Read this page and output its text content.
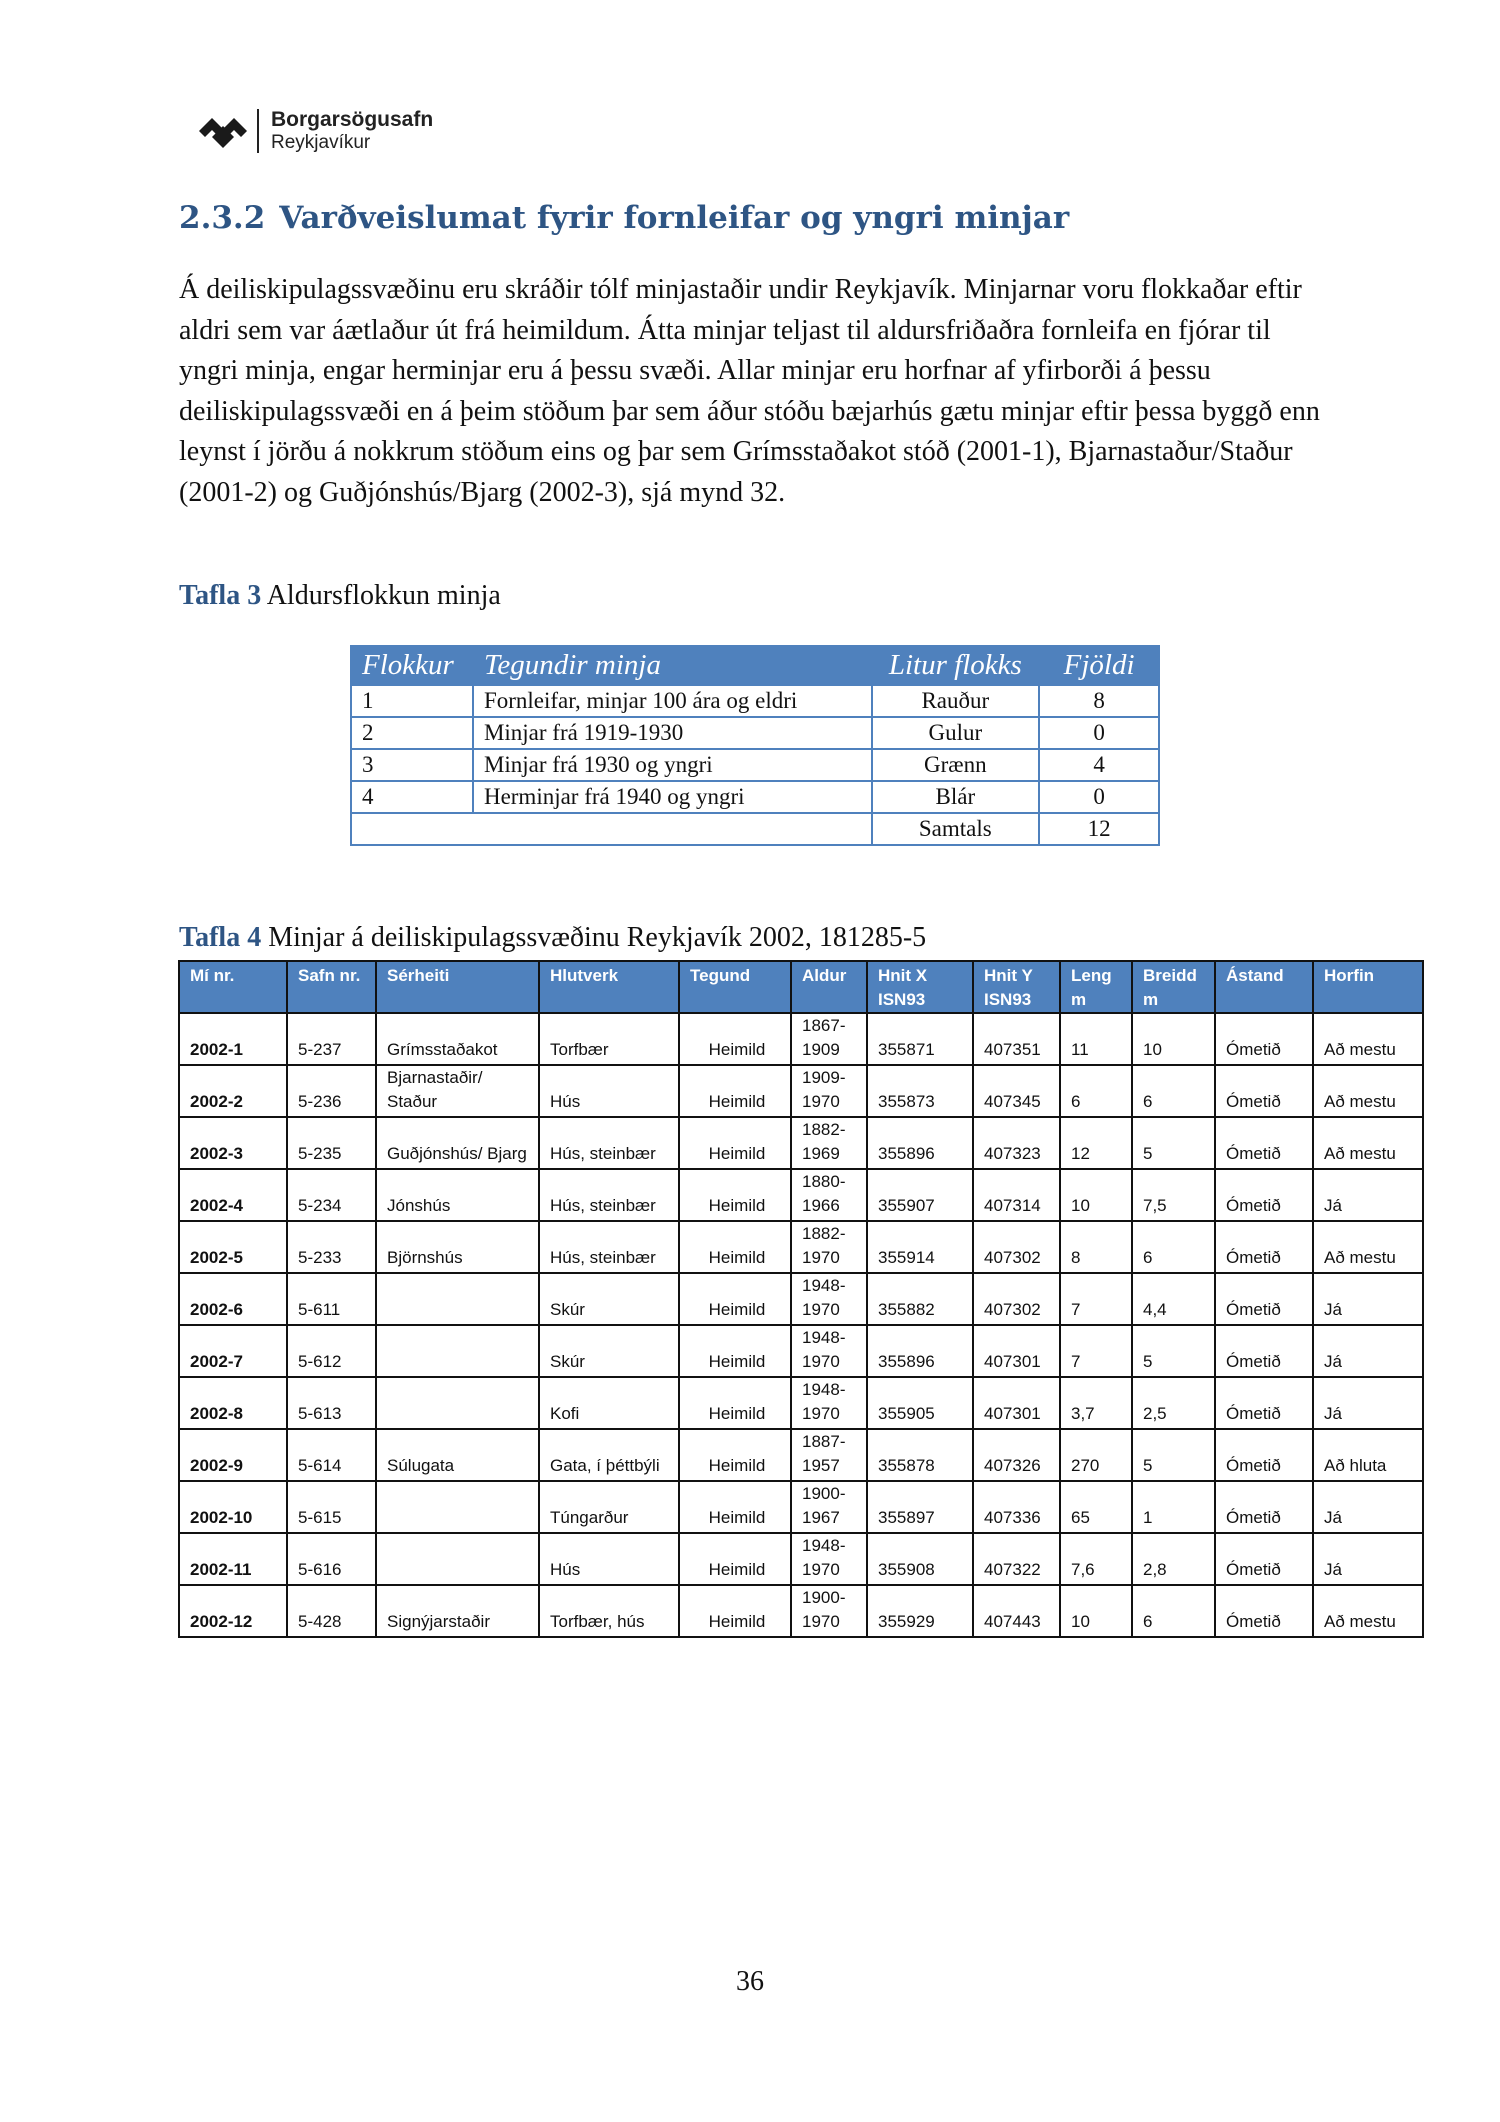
Borgarsögusafn
Reykjavíkur
2.3.2 Varðveislumat fyrir fornleifar og yngri minjar

Á deiliskipulagssvæðinu eru skráðir tólf minjastaðir undir Reykjavík. Minjarnar voru flokkaðar eftir aldri sem var áætlaður út frá heimildum. Átta minjar teljast til aldursfriðaðra fornleifa en fjórar til yngri minja, engar herminjar eru á þessu svæði. Allar minjar eru horfnar af yfirborði á þessu deiliskipulagssvæði en á þeim stöðum þar sem áður stóðu bæjarhús gætu minjar eftir þessa byggð enn leynst í jörðu á nokkrum stöðum eins og þar sem Grímsstaðakot stóð (2001-1), Bjarnastaður/Staður (2001-2) og Guðjónshús/Bjarg (2002-3), sjá mynd 32.

Tafla 3 Aldursflokkun minja

Flokkur	Tegundir minja	Litur flokks	Fjöldi
1	Fornleifar, minjar 100 ára og eldri	Rauður	8
2	Minjar frá 1919-1930	Gulur	0
3	Minjar frá 1930 og yngri	Grænn	4
4	Herminjar frá 1940 og yngri	Blár	0
		Samtals	12

Tafla 4 Minjar á deiliskipulagssvæðinu Reykjavík 2002, 181285-5

Mí nr.	Safn nr.	Sérheiti	Hlutverk	Tegund	Aldur	Hnit X ISN93	Hnit Y ISN93	Leng m	Breidd m	Ástand	Horfin
2002-1	5-237	Grímsstaðakot	Torfbær	Heimild	1867-1909	355871	407351	11	10	Ómetið	Að mestu
2002-2	5-236	Bjarnastaðir/ Staður	Hús	Heimild	1909-1970	355873	407345	6	6	Ómetið	Að mestu
2002-3	5-235	Guðjónshús/ Bjarg	Hús, steinbær	Heimild	1882-1969	355896	407323	12	5	Ómetið	Að mestu
2002-4	5-234	Jónshús	Hús, steinbær	Heimild	1880-1966	355907	407314	10	7,5	Ómetið	Já
2002-5	5-233	Björnshús	Hús, steinbær	Heimild	1882-1970	355914	407302	8	6	Ómetið	Að mestu
2002-6	5-611		Skúr	Heimild	1948-1970	355882	407302	7	4,4	Ómetið	Já
2002-7	5-612		Skúr	Heimild	1948-1970	355896	407301	7	5	Ómetið	Já
2002-8	5-613		Kofi	Heimild	1948-1970	355905	407301	3,7	2,5	Ómetið	Já
2002-9	5-614	Súlugata	Gata, í þéttbýli	Heimild	1887-1957	355878	407326	270	5	Ómetið	Að hluta
2002-10	5-615		Túngarður	Heimild	1900-1967	355897	407336	65	1	Ómetið	Já
2002-11	5-616		Hús	Heimild	1948-1970	355908	407322	7,6	2,8	Ómetið	Já
2002-12	5-428	Signýjarstaðir	Torfbær, hús	Heimild	1900-1970	355929	407443	10	6	Ómetið	Að mestu
36
